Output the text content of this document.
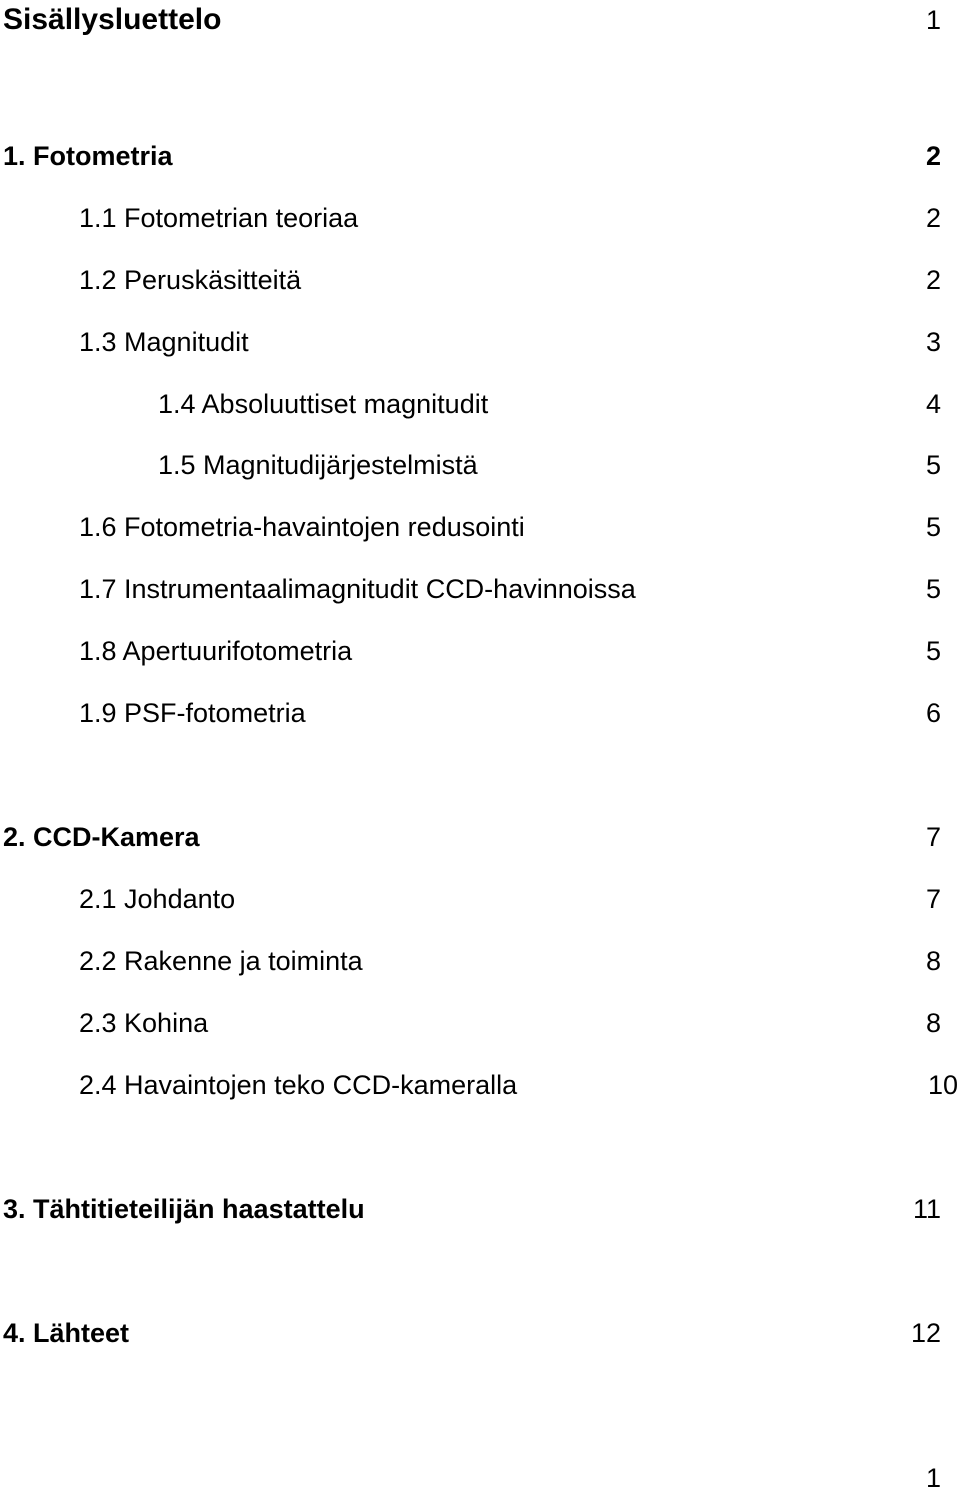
Sisällysluettelo	1
1. Fotometria	2
1.1 Fotometrian teoriaa	2
1.2 Peruskäsitteitä	2
1.3 Magnitudit	3
1.4 Absoluuttiset magnitudit	4
1.5 Magnitudijärjestelmistä	5
1.6 Fotometria-havaintojen redusointi	5
1.7 Instrumentaalimagnitudit CCD-havinnoissa	5
1.8 Apertuurifotometria	5
1.9 PSF-fotometria	6
2. CCD-Kamera	7
2.1 Johdanto	7
2.2 Rakenne ja toiminta	8
2.3 Kohina	8
2.4 Havaintojen teko CCD-kameralla	10
3. Tähtitieteilijän haastattelu	11
4. Lähteet	12
1
